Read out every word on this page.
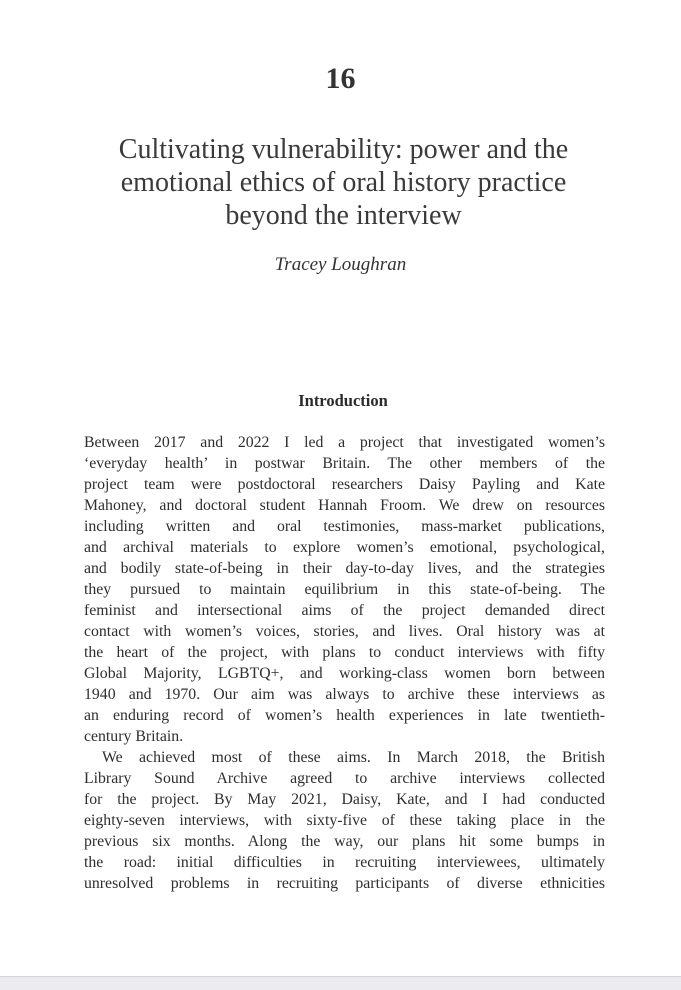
16
Cultivating vulnerability: power and the
emotional ethics of oral history practice
beyond the interview
Tracey Loughran
Introduction
Between 2017 and 2022 I led a project that investigated women’s
‘everyday health’ in postwar Britain. The other members of the
project team were postdoctoral researchers Daisy Payling and Kate
Mahoney, and doctoral student Hannah Froom. We drew on resources
including written and oral testimonies, mass-market publications,
and archival materials to explore women’s emotional, psychological,
and bodily state-of-being in their day-to-day lives, and the strategies
they pursued to maintain equilibrium in this state-of-being. The
feminist and intersectional aims of the project demanded direct
contact with women’s voices, stories, and lives. Oral history was at
the heart of the project, with plans to conduct interviews with fifty
Global Majority, LGBTQ+, and working-class women born between
1940 and 1970. Our aim was always to archive these interviews as
an enduring record of women’s health experiences in late twentieth-
century Britain.
We achieved most of these aims. In March 2018, the British
Library Sound Archive agreed to archive interviews collected
for the project. By May 2021, Daisy, Kate, and I had conducted
eighty-seven interviews, with sixty-five of these taking place in the
previous six months. Along the way, our plans hit some bumps in
the road: initial difficulties in recruiting interviewees, ultimately
unresolved problems in recruiting participants of diverse ethnicities
